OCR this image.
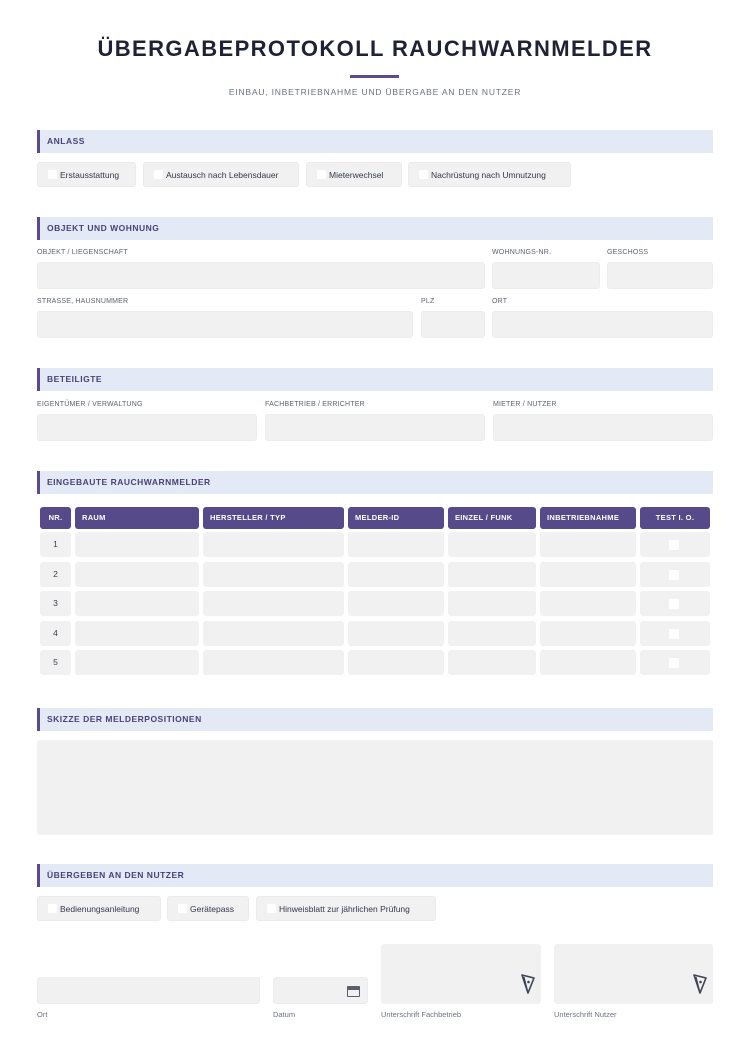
ÜBERGABEPROTOKOLL RAUCHWARNMELDER
EINBAU, INBETRIEBNAHME UND ÜBERGABE AN DEN NUTZER
ANLASS
Erstausstattung	Austausch nach Lebensdauer	Mieterwechsel	Nachrüstung nach Umnutzung
OBJEKT UND WOHNUNG
OBJEKT / LIEGENSCHAFT	WOHNUNGS-NR.	GESCHOSS
STRASSE, HAUSNUMMER	PLZ	ORT
BETEILIGTE
EIGENTÜMER / VERWALTUNG	FACHBETRIEB / ERRICHTER	MIETER / NUTZER
EINGEBAUTE RAUCHWARNMELDER
NR.	RAUM	HERSTELLER / TYP	MELDER-ID	EINZEL / FUNK	INBETRIEBNAHME	TEST I. O.
1
2
3
4
5
SKIZZE DER MELDERPOSITIONEN
ÜBERGEBEN AN DEN NUTZER
Bedienungsanleitung	Gerätepass	Hinweisblatt zur jährlichen Prüfung
Ort	Datum	Unterschrift Fachbetrieb	Unterschrift Nutzer
